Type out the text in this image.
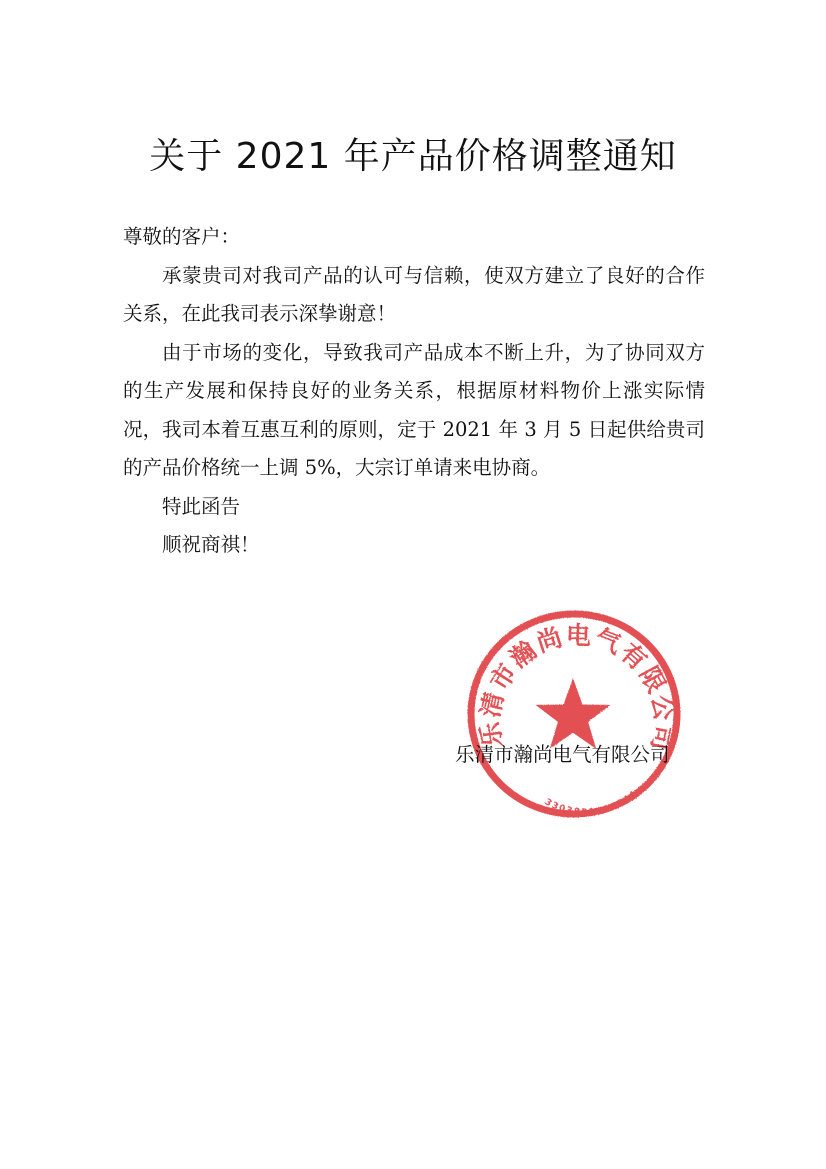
关于 2021 年产品价格调整通知

尊敬的客户：

承蒙贵司对我司产品的认可与信赖，使双方建立了良好的合作关系，在此我司表示深挚谢意！

由于市场的变化，导致我司产品成本不断上升，为了协同双方的生产发展和保持良好的业务关系，根据原材料物价上涨实际情况，我司本着互惠互利的原则，定于 2021 年 3 月 5 日起供给贵司的产品价格统一上调 5%，大宗订单请来电协商。

特此函告

顺祝商祺！

乐清市瀚尚电气有限公司
3303821847744
乐清市瀚尚电气有限公司
